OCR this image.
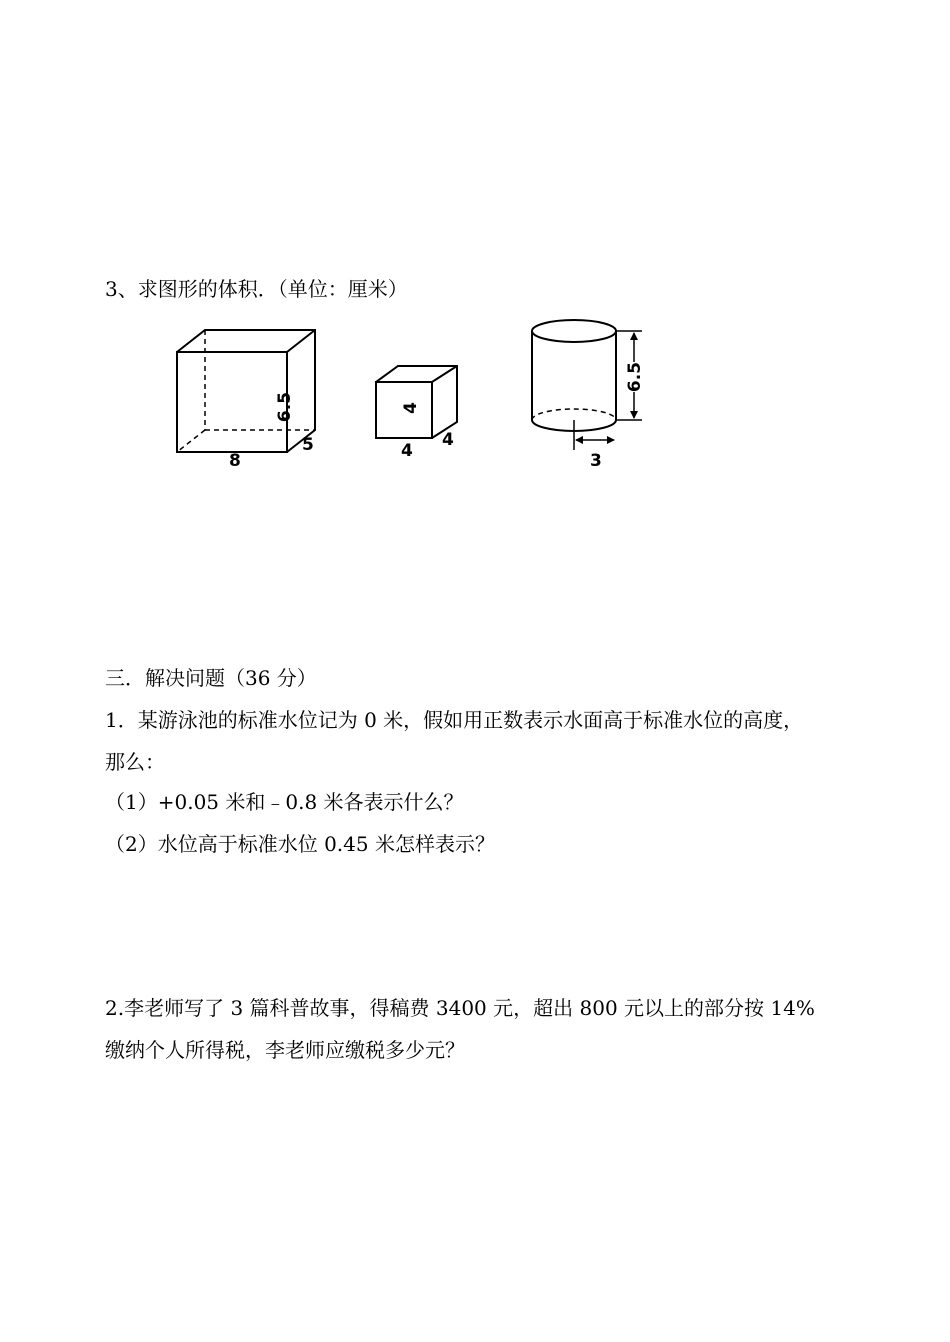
3、求图形的体积．（单位：厘米）
6.5
5
8
4
4
4
6.5
3
三．解决问题（36 分）
1．某游泳池的标准水位记为 0 米，假如用正数表示水面高于标准水位的高度，
那么：
（1）+0.05 米和﹣0.8 米各表示什么？
（2）水位高于标准水位 0.45 米怎样表示？
2.李老师写了 3 篇科普故事，得稿费 3400 元，超出 800 元以上的部分按 14%
缴纳个人所得税，李老师应缴税多少元？
